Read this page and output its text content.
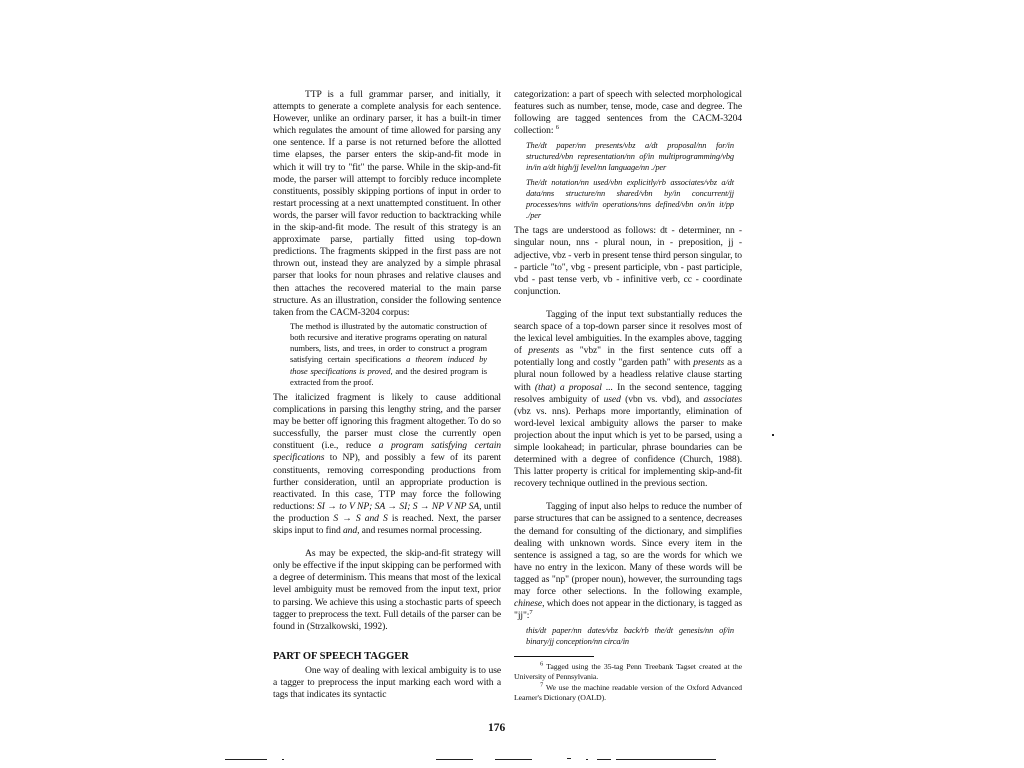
TTP is a full grammar parser, and initially, it attempts to generate a complete analysis for each sentence. However, unlike an ordinary parser, it has a built-in timer which regulates the amount of time allowed for parsing any one sentence. If a parse is not returned before the allotted time elapses, the parser enters the skip-and-fit mode in which it will try to "fit" the parse. While in the skip-and-fit mode, the parser will attempt to forcibly reduce incomplete constituents, possibly skipping portions of input in order to restart processing at a next unattempted constituent. In other words, the parser will favor reduction to backtracking while in the skip-and-fit mode. The result of this strategy is an approximate parse, partially fitted using top-down predictions. The fragments skipped in the first pass are not thrown out, instead they are analyzed by a simple phrasal parser that looks for noun phrases and relative clauses and then attaches the recovered material to the main parse structure. As an illustration, consider the following sentence taken from the CACM-3204 corpus:

The method is illustrated by the automatic construction of both recursive and iterative programs operating on natural numbers, lists, and trees, in order to construct a program satisfying certain specifications a theorem induced by those specifications is proved, and the desired program is extracted from the proof.

The italicized fragment is likely to cause additional complications in parsing this lengthy string, and the parser may be better off ignoring this fragment altogether. To do so successfully, the parser must close the currently open constituent (i.e., reduce a program satisfying certain specifications to NP), and possibly a few of its parent constituents, removing corresponding productions from further consideration, until an appropriate production is reactivated. In this case, TTP may force the following reductions: SI → to V NP; SA → SI; S → NP V NP SA, until the production S → S and S is reached. Next, the parser skips input to find and, and resumes normal processing.

As may be expected, the skip-and-fit strategy will only be effective if the input skipping can be performed with a degree of determinism. This means that most of the lexical level ambiguity must be removed from the input text, prior to parsing. We achieve this using a stochastic parts of speech tagger to preprocess the text. Full details of the parser can be found in (Strzalkowski, 1992).

PART OF SPEECH TAGGER

One way of dealing with lexical ambiguity is to use a tagger to preprocess the input marking each word with a tags that indicates its syntactic

categorization: a part of speech with selected morphological features such as number, tense, mode, case and degree. The following are tagged sentences from the CACM-3204 collection: $^6$

The/dt paper/nn presents/vbz a/dt proposal/nn for/in structured/vbn representation/nn of/in multiprogramming/vbg in/in a/dt high/jj level/nn language/nn ./per

The/dt notation/nn used/vbn explicitly/rb associates/vbz a/dt data/nns structure/nn shared/vbn by/in concurrent/jj processes/nns with/in operations/nns defined/vbn on/in it/pp ./per

The tags are understood as follows: dt - determiner, nn - singular noun, nns - plural noun, in - preposition, jj - adjective, vbz - verb in present tense third person singular, to - particle "to", vbg - present participle, vbn - past participle, vbd - past tense verb, vb - infinitive verb, cc - coordinate conjunction.

Tagging of the input text substantially reduces the search space of a top-down parser since it resolves most of the lexical level ambiguities. In the examples above, tagging of presents as "vbz" in the first sentence cuts off a potentially long and costly "garden path" with presents as a plural noun followed by a headless relative clause starting with (that) a proposal ... In the second sentence, tagging resolves ambiguity of used (vbn vs. vbd), and associates (vbz vs. nns). Perhaps more importantly, elimination of word-level lexical ambiguity allows the parser to make projection about the input which is yet to be parsed, using a simple lookahead; in particular, phrase boundaries can be determined with a degree of confidence (Church, 1988). This latter property is critical for implementing skip-and-fit recovery technique outlined in the previous section.

Tagging of input also helps to reduce the number of parse structures that can be assigned to a sentence, decreases the demand for consulting of the dictionary, and simplifies dealing with unknown words. Since every item in the sentence is assigned a tag, so are the words for which we have no entry in the lexicon. Many of these words will be tagged as "np" (proper noun), however, the surrounding tags may force other selections. In the following example, chinese, which does not appear in the dictionary, is tagged as "jj":$^7$

this/dt paper/nn dates/vbz back/rb the/dt genesis/nn of/in binary/jj conception/nn circa/in

$^6$ Tagged using the 35-tag Penn Treebank Tagset created at the University of Pennsylvania.

$^7$ We use the machine readable version of the Oxford Advanced Learner's Dictionary (OALD).

176
